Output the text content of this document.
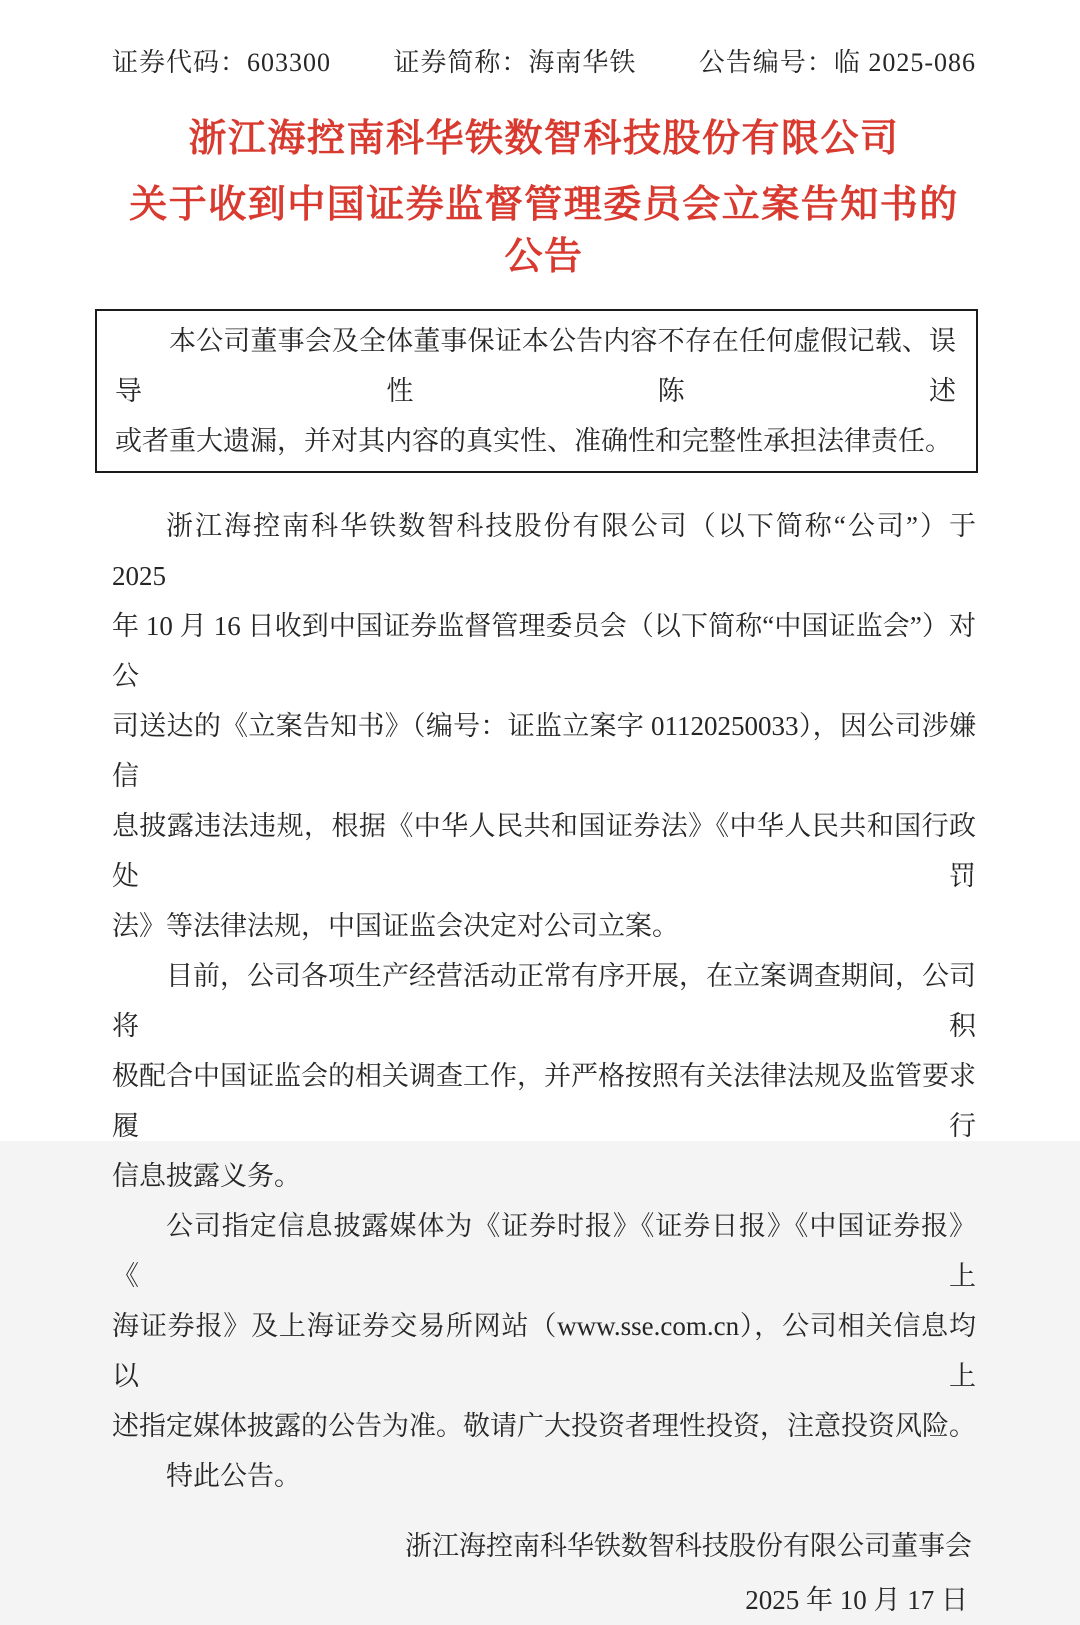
证券代码：603300 证券简称：海南华铁 公告编号：临 2025-086
浙江海控南科华铁数智科技股份有限公司
关于收到中国证券监督管理委员会立案告知书的公告
本公司董事会及全体董事保证本公告内容不存在任何虚假记载、误导性陈述
或者重大遗漏，并对其内容的真实性、准确性和完整性承担法律责任。
浙江海控南科华铁数智科技股份有限公司（以下简称“公司”）于 2025
年 10 月 16 日收到中国证券监督管理委员会（以下简称“中国证监会”）对公
司送达的《立案告知书》（编号：证监立案字 01120250033），因公司涉嫌信
息披露违法违规，根据《中华人民共和国证券法》《中华人民共和国行政处罚
法》等法律法规，中国证监会决定对公司立案。
目前，公司各项生产经营活动正常有序开展，在立案调查期间，公司将积
极配合中国证监会的相关调查工作，并严格按照有关法律法规及监管要求履行
信息披露义务。
公司指定信息披露媒体为《证券时报》《证券日报》《中国证券报》《上
海证券报》及上海证券交易所网站（www.sse.com.cn），公司相关信息均以上
述指定媒体披露的公告为准。敬请广大投资者理性投资，注意投资风险。
特此公告。
浙江海控南科华铁数智科技股份有限公司董事会
2025 年 10 月 17 日
